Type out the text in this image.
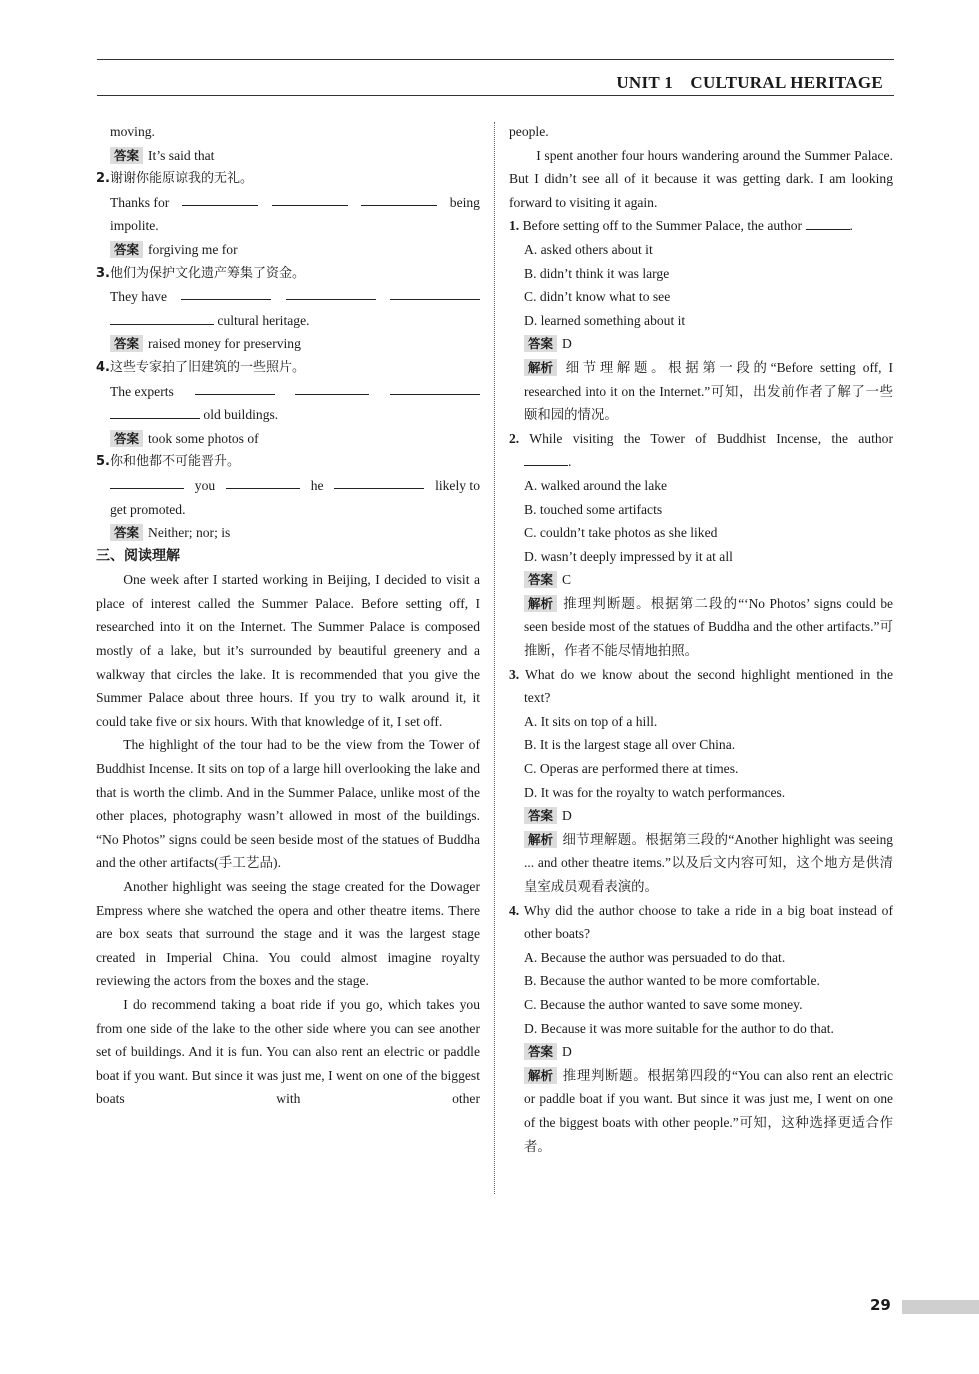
UNIT 1　CULTURAL HERITAGE
moving.
答案 It’s said that
2.谢谢你能原谅我的无礼。
Thanks for	being
impolite.
答案 forgiving me for
3.他们为保护文化遗产筹集了资金。
They have
cultural heritage.
答案 raised money for preserving
4.这些专家拍了旧建筑的一些照片。
The experts
old buildings.
答案 took some photos of
5.你和他都不可能晋升。
you	he	likely to
get promoted.
答案 Neither; nor; is
三、阅读理解
One week after I started working in Beijing, I decided to visit a place of interest called the Summer Palace. Before setting off, I researched into it on the Internet. The Summer Palace is composed mostly of a lake, but it’s surrounded by beautiful greenery and a walkway that circles the lake. It is recommended that you give the Summer Palace about three hours. If you try to walk around it, it could take five or six hours. With that knowledge of it, I set off.
The highlight of the tour had to be the view from the Tower of Buddhist Incense. It sits on top of a large hill overlooking the lake and that is worth the climb. And in the Summer Palace, unlike most of the other places, photography wasn’t allowed in most of the buildings. “No Photos” signs could be seen beside most of the statues of Buddha and the other artifacts(手工艺品).
Another highlight was seeing the stage created for the Dowager Empress where she watched the opera and other theatre items. There are box seats that surround the stage and it was the largest stage created in Imperial China. You could almost imagine royalty reviewing the actors from the boxes and the stage.
I do recommend taking a boat ride if you go, which takes you from one side of the lake to the other side where you can see another set of buildings. And it is fun. You can also rent an electric or paddle boat if you want. But since it was just me, I went on one of the biggest boats with other
people.
I spent another four hours wandering around the Summer Palace. But I didn’t see all of it because it was getting dark. I am looking forward to visiting it again.
1. Before setting off to the Summer Palace, the author	.
A. asked others about it
B. didn’t think it was large
C. didn’t know what to see
D. learned something about it
答案 D
解析 细节理解题。根据第一段的“Before setting off, I researched into it on the Internet.”可知，出发前作者了解了一些颐和园的情况。
2. While visiting the Tower of Buddhist Incense, the author
.
A. walked around the lake
B. touched some artifacts
C. couldn’t take photos as she liked
D. wasn’t deeply impressed by it at all
答案 C
解析 推理判断题。根据第二段的“‘No Photos’ signs could be seen beside most of the statues of Buddha and the other artifacts.”可推断，作者不能尽情地拍照。
3. What do we know about the second highlight mentioned in the text?
A. It sits on top of a hill.
B. It is the largest stage all over China.
C. Operas are performed there at times.
D. It was for the royalty to watch performances.
答案 D
解析 细节理解题。根据第三段的“Another highlight was seeing ... and other theatre items.”以及后文内容可知，这个地方是供清皇室成员观看表演的。
4. Why did the author choose to take a ride in a big boat instead of other boats?
A. Because the author was persuaded to do that.
B. Because the author wanted to be more comfortable.
C. Because the author wanted to save some money.
D. Because it was more suitable for the author to do that.
答案 D
解析 推理判断题。根据第四段的“You can also rent an electric or paddle boat if you want. But since it was just me, I went on one of the biggest boats with other people.”可知，这种选择更适合作者。
29
